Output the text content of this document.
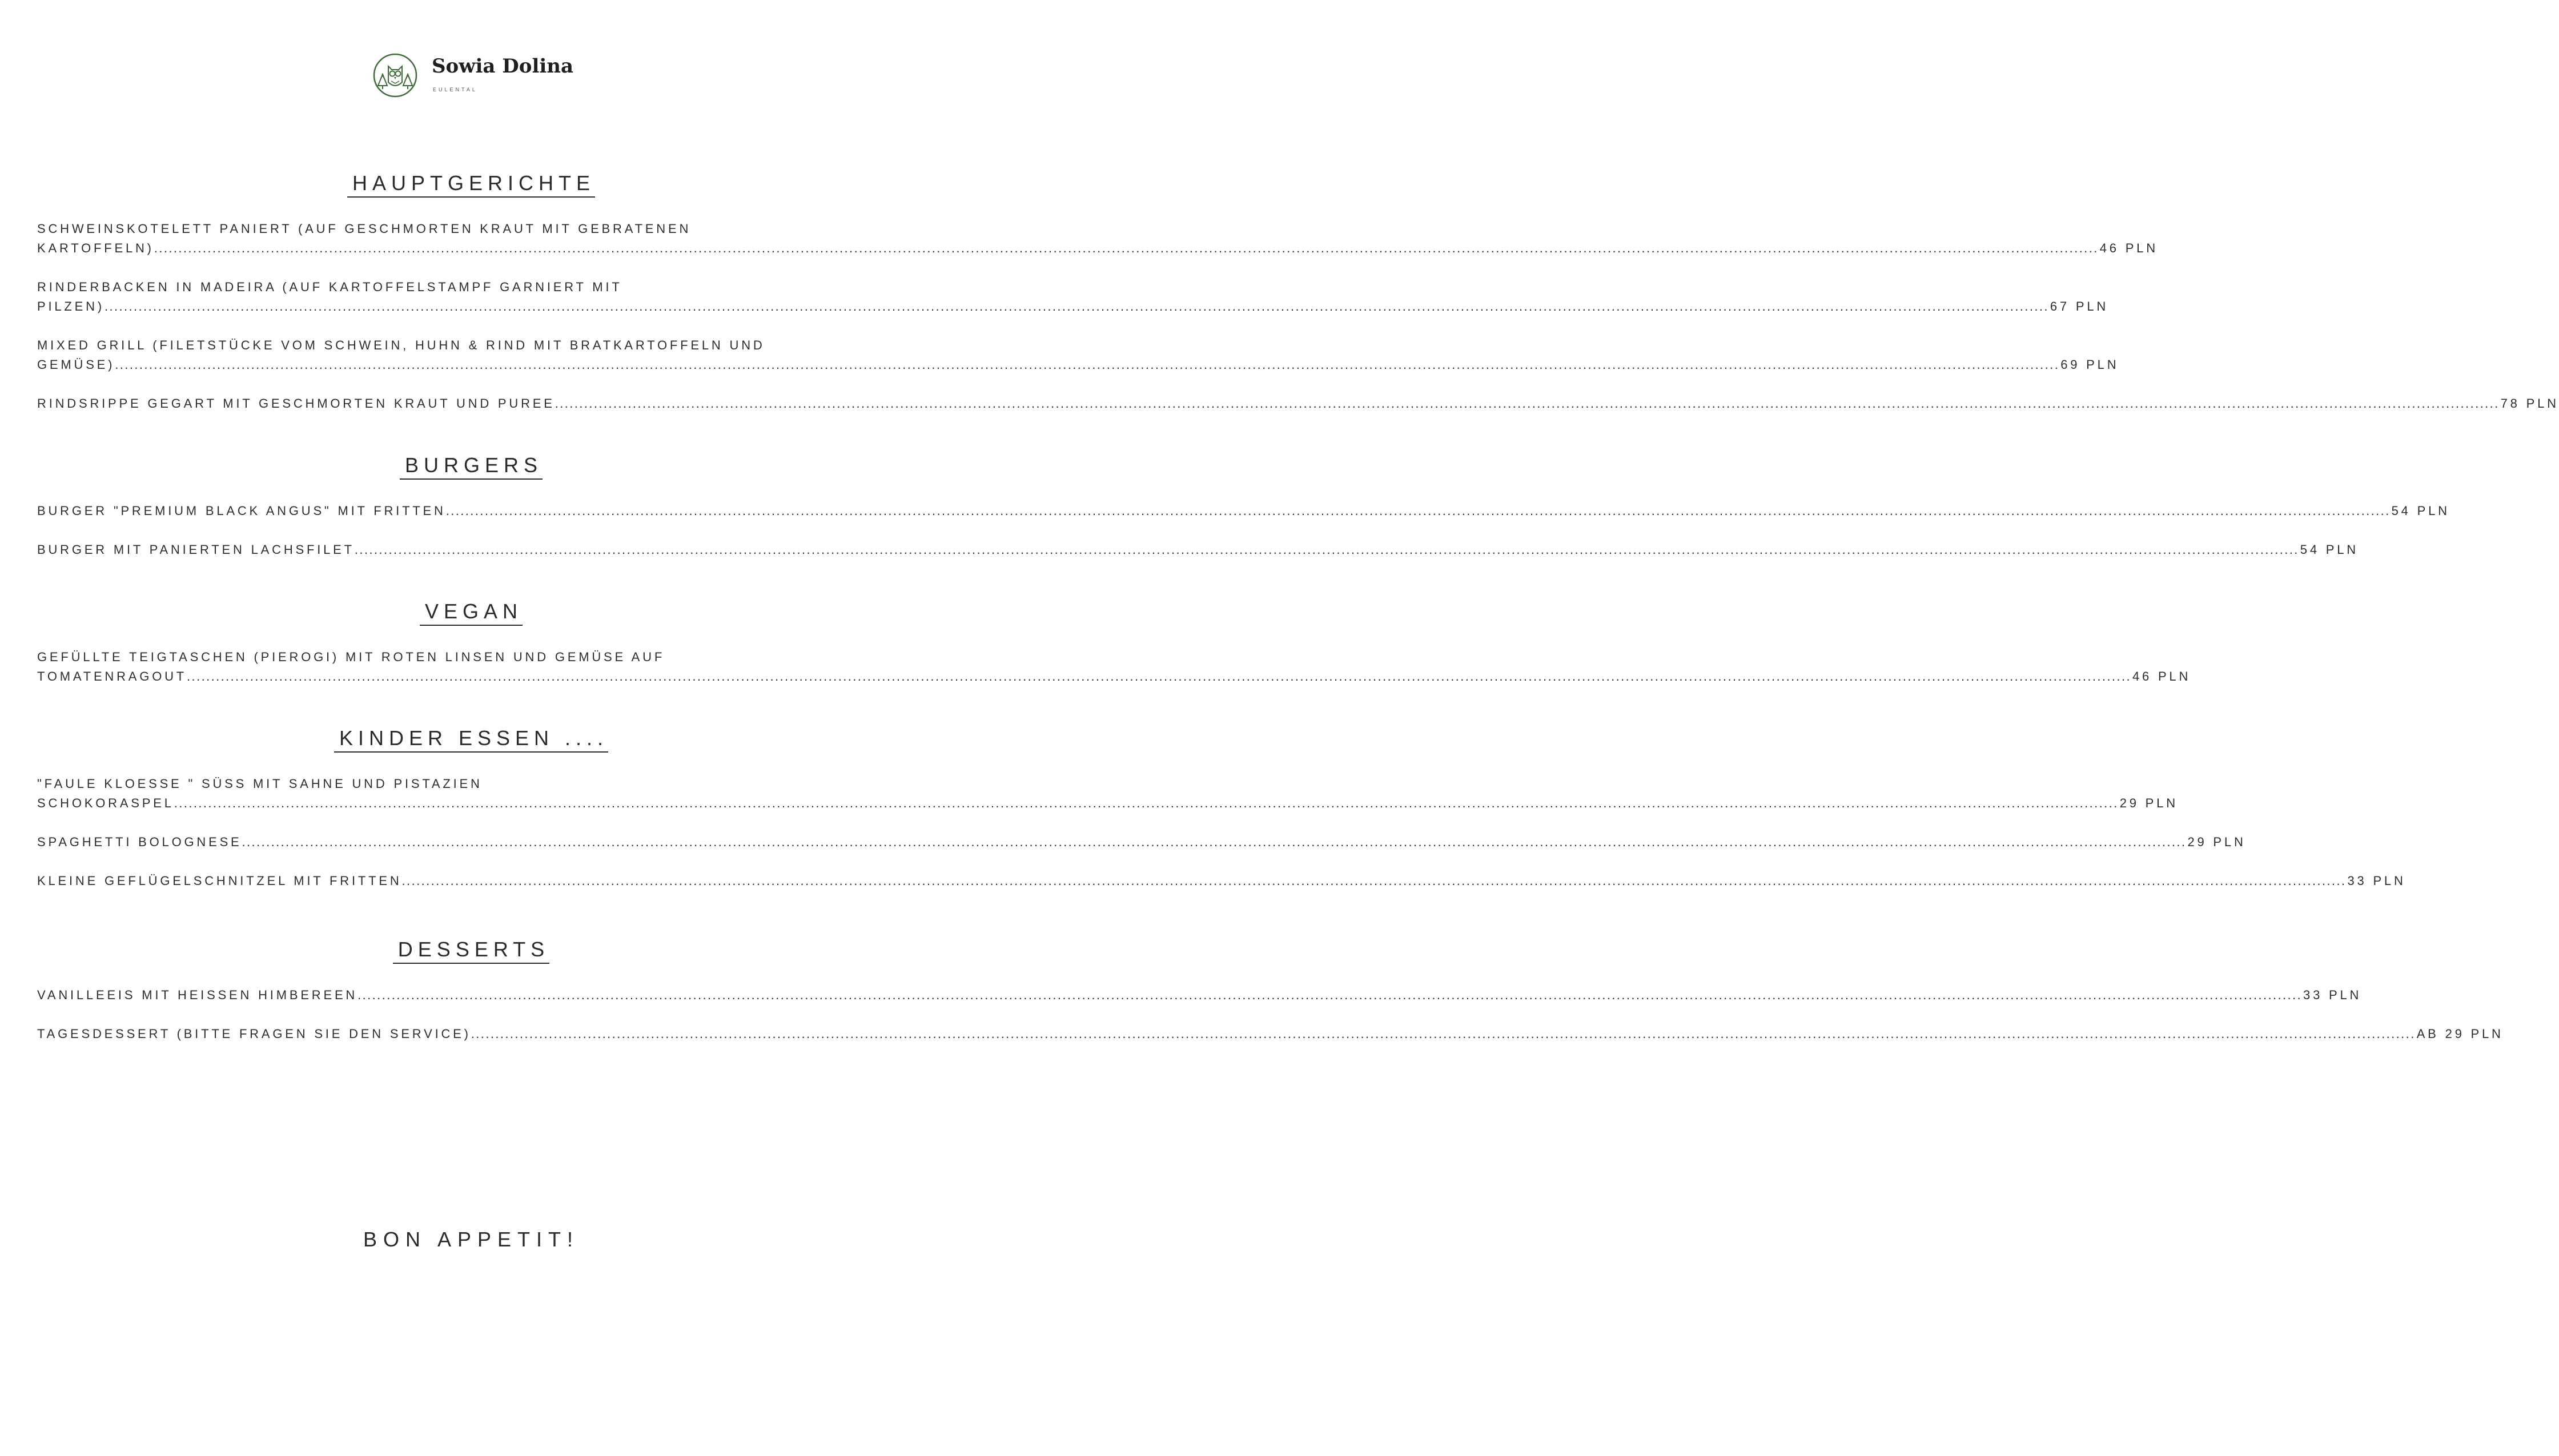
Sowia Dolina
EULENTAL
HAUPTGERICHTE
SCHWEINSKOTELETT PANIERT (AUF GESCHMORTEN KRAUT MIT GEBRATENEN
KARTOFFELN) ................................................................................................................................................................................................................................................................................................................................................................................................................ 46 PLN
RINDERBACKEN IN MADEIRA (AUF KARTOFFELSTAMPF GARNIERT MIT
PILZEN) ................................................................................................................................................................................................................................................................................................................................................................................................................ 67 PLN
MIXED GRILL (FILETSTÜCKE VOM SCHWEIN, HUHN & RIND MIT BRATKARTOFFELN UND
GEMÜSE) ................................................................................................................................................................................................................................................................................................................................................................................................................ 69 PLN
RINDSRIPPE GEGART MIT GESCHMORTEN KRAUT UND PUREE ................................................................................................................................................................................................................................................................................................................................................................................................................ 78 PLN
BURGERS
BURGER "PREMIUM BLACK ANGUS" MIT FRITTEN ................................................................................................................................................................................................................................................................................................................................................................................................................ 54 PLN
BURGER MIT PANIERTEN LACHSFILET ................................................................................................................................................................................................................................................................................................................................................................................................................ 54 PLN
VEGAN
GEFÜLLTE TEIGTASCHEN (PIEROGI) MIT ROTEN LINSEN UND GEMÜSE AUF
TOMATENRAGOUT ................................................................................................................................................................................................................................................................................................................................................................................................................ 46 PLN
KINDER ESSEN ....
"FAULE KLOESSE " SÜSS MIT SAHNE UND PISTAZIEN
SCHOKORASPEL ................................................................................................................................................................................................................................................................................................................................................................................................................ 29 PLN
SPAGHETTI BOLOGNESE ................................................................................................................................................................................................................................................................................................................................................................................................................ 29 PLN
KLEINE GEFLÜGELSCHNITZEL MIT FRITTEN ................................................................................................................................................................................................................................................................................................................................................................................................................ 33 PLN
DESSERTS
VANILLEEIS MIT HEISSEN HIMBEREEN ................................................................................................................................................................................................................................................................................................................................................................................................................ 33 PLN
TAGESDESSERT (BITTE FRAGEN SIE DEN SERVICE) ................................................................................................................................................................................................................................................................................................................................................................................................................ AB 29 PLN
BON APPETIT!
